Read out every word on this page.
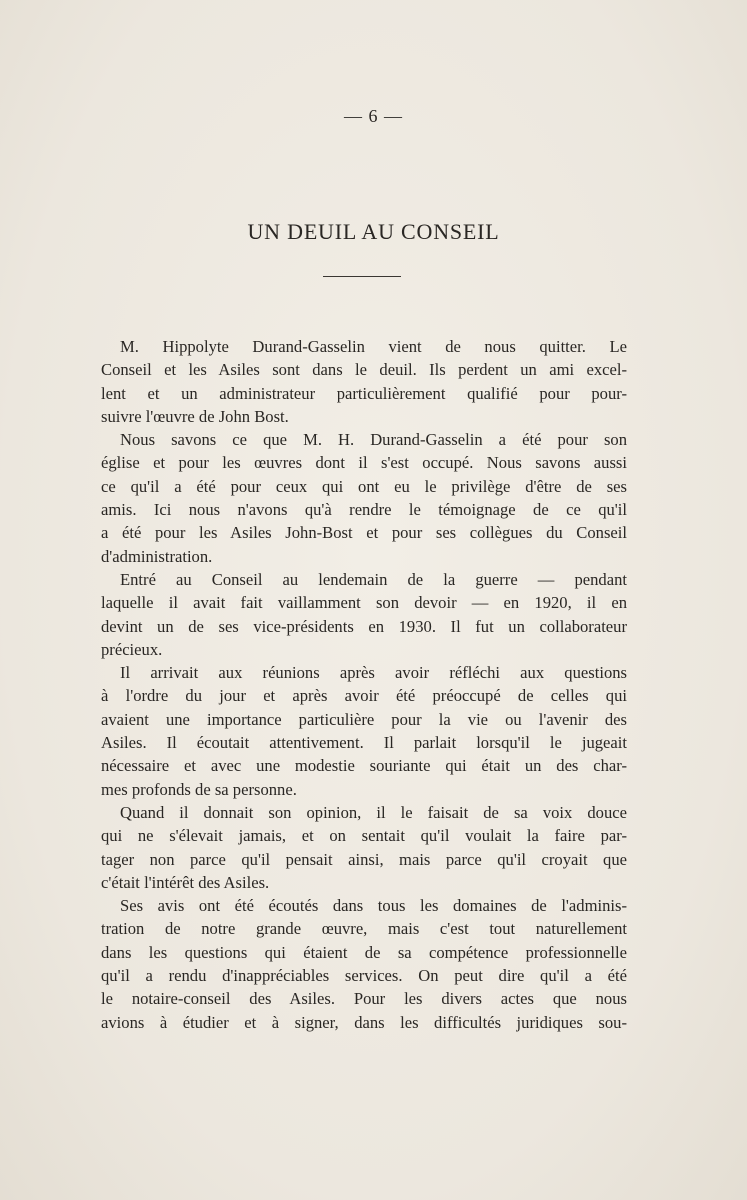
— 6 —
UN DEUIL AU CONSEIL
M. Hippolyte Durand-Gasselin vient de nous quitter. Le
Conseil et les Asiles sont dans le deuil. Ils perdent un ami excel-
lent et un administrateur particulièrement qualifié pour pour-
suivre l'œuvre de John Bost.
Nous savons ce que M. H. Durand-Gasselin a été pour son
église et pour les œuvres dont il s'est occupé. Nous savons aussi
ce qu'il a été pour ceux qui ont eu le privilège d'être de ses
amis. Ici nous n'avons qu'à rendre le témoignage de ce qu'il
a été pour les Asiles John-Bost et pour ses collègues du Conseil
d'administration.
Entré au Conseil au lendemain de la guerre — pendant
laquelle il avait fait vaillamment son devoir — en 1920, il en
devint un de ses vice-présidents en 1930. Il fut un collaborateur
précieux.
Il arrivait aux réunions après avoir réfléchi aux questions
à l'ordre du jour et après avoir été préoccupé de celles qui
avaient une importance particulière pour la vie ou l'avenir des
Asiles. Il écoutait attentivement. Il parlait lorsqu'il le jugeait
nécessaire et avec une modestie souriante qui était un des char-
mes profonds de sa personne.
Quand il donnait son opinion, il le faisait de sa voix douce
qui ne s'élevait jamais, et on sentait qu'il voulait la faire par-
tager non parce qu'il pensait ainsi, mais parce qu'il croyait que
c'était l'intérêt des Asiles.
Ses avis ont été écoutés dans tous les domaines de l'adminis-
tration de notre grande œuvre, mais c'est tout naturellement
dans les questions qui étaient de sa compétence professionnelle
qu'il a rendu d'inappréciables services. On peut dire qu'il a été
le notaire-conseil des Asiles. Pour les divers actes que nous
avions à étudier et à signer, dans les difficultés juridiques sou-
